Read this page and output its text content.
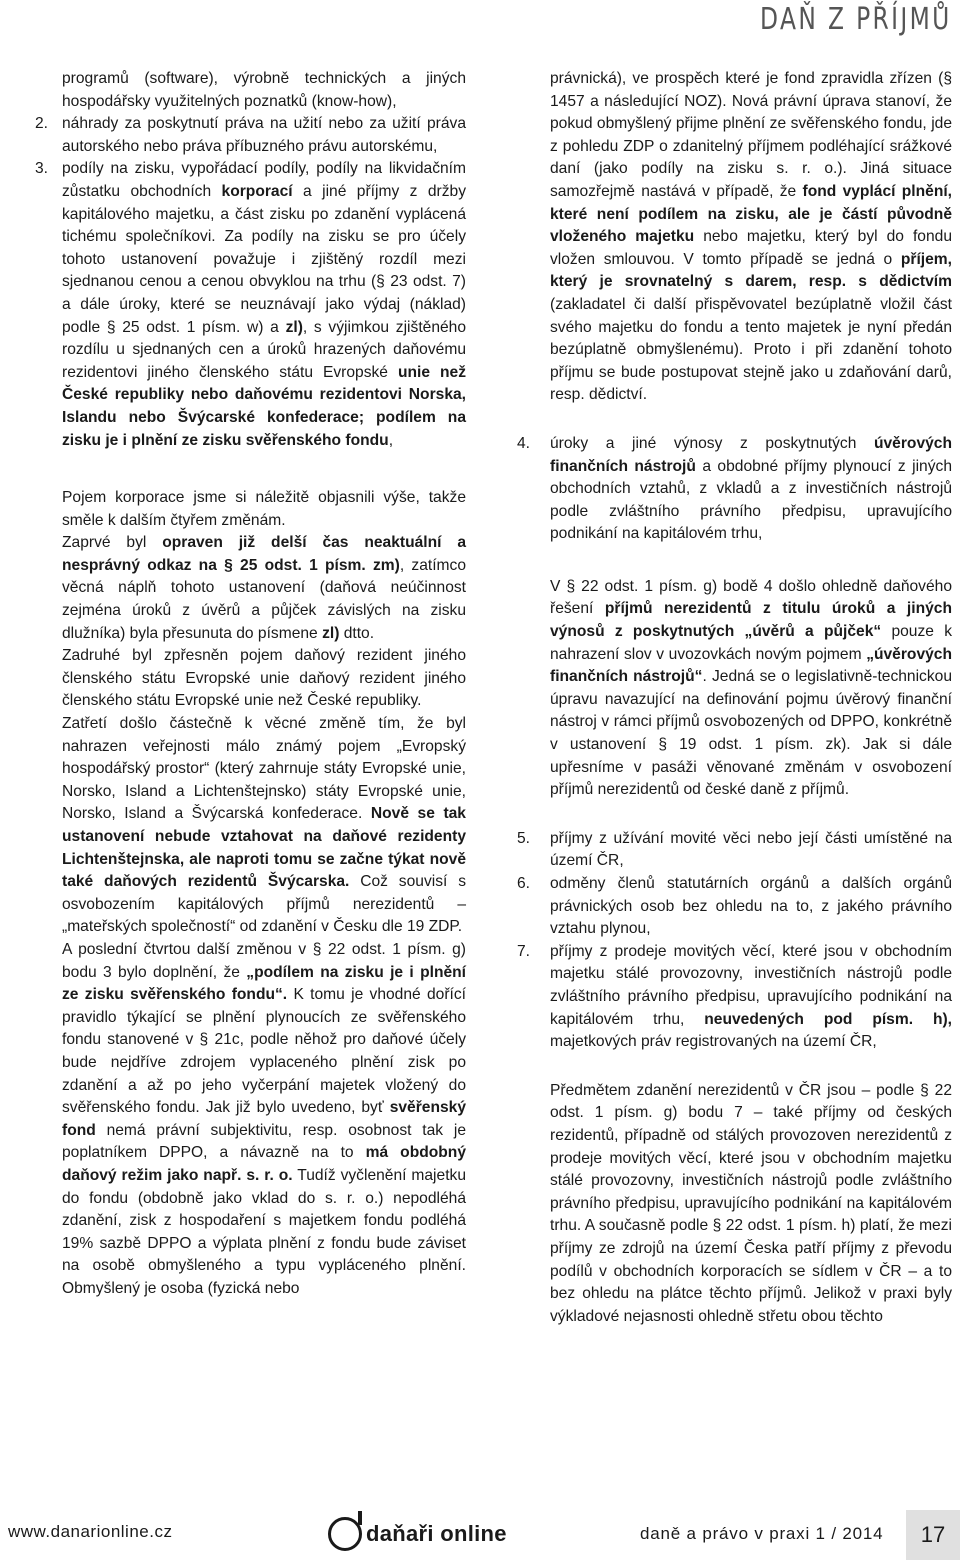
DAŇ Z PŘÍJMŮ

programů (software), výrobně technických a jiných hospodářsky využitelných poznatků (know-how),

2. náhrady za poskytnutí práva na užití nebo za užití práva autorského nebo práva příbuzného právu autorskému,

3. podíly na zisku, vypořádací podíly, podíly na likvidačním zůstatku obchodních korporací a jiné příjmy z držby kapitálového majetku, a část zisku po zdanění vyplácená tichému společníkovi. Za podíly na zisku se pro účely tohoto ustanovení považuje i zjištěný rozdíl mezi sjednanou cenou a cenou obvyklou na trhu (§ 23 odst. 7) a dále úroky, které se neuznávají jako výdaj (náklad) podle § 25 odst. 1 písm. w) a zl), s výjimkou zjištěného rozdílu u sjednaných cen a úroků hrazených daňovému rezidentovi jiného členského státu Evropské unie než České republiky nebo daňovému rezidentovi Norska, Islandu nebo Švýcarské konfederace; podílem na zisku je i plnění ze zisku svěřenského fondu,

Pojem korporace jsme si náležitě objasnili výše, takže směle k dalším čtyřem změnám.

Zaprvé byl opraven již delší čas neaktuální a nesprávný odkaz na § 25 odst. 1 písm. zm), zatímco věcná náplň tohoto ustanovení (daňová neúčinnost zejména úroků z úvěrů a půjček závislých na zisku dlužníka) byla přesunuta do písmene zl) dtto.

Zadruhé byl zpřesněn pojem daňový rezident jiného členského státu Evropské unie daňový rezident jiného členského státu Evropské unie než České republiky.

Zatřetí došlo částečně k věcné změně tím, že byl nahrazen veřejnosti málo známý pojem „Evropský hospodářský prostor“ (který zahrnuje státy Evropské unie, Norsko, Island a Lichtenštejnsko) státy Evropské unie, Norsko, Island a Švýcarská konfederace. Nově se tak ustanovení nebude vztahovat na daňové rezidenty Lichtenštejnska, ale naproti tomu se začne týkat nově také daňových rezidentů Švýcarska. Což souvisí s osvobozením kapitálových příjmů nerezidentů – „mateřských společností“ od zdanění v Česku dle 19 ZDP.

A poslední čtvrtou další změnou v § 22 odst. 1 písm. g) bodu 3 bylo doplnění, že „podílem na zisku je i plnění ze zisku svěřenského fondu“. K tomu je vhodné dořící pravidlo týkající se plnění plynoucích ze svěřenského fondu stanovené v § 21c, podle něhož pro daňové účely bude nejdříve zdrojem vyplaceného plnění zisk po zdanění a až po jeho vyčerpání majetek vložený do svěřenského fondu. Jak již bylo uvedeno, byť svěřenský fond nemá právní subjektivitu, resp. osobnost tak je poplatníkem DPPO, a návazně na to má obdobný daňový režim jako např. s. r. o. Tudíž vyčlenění majetku do fondu (obdobně jako vklad do s. r. o.) nepodléhá zdanění, zisk z hospodaření s majetkem fondu podléhá 19% sazbě DPPO a výplata plnění z fondu bude záviset na osobě obmyšleného a typu vypláceného plnění. Obmyšlený je osoba (fyzická nebo

právnická), ve prospěch které je fond zpravidla zřízen (§ 1457 a následující NOZ). Nová právní úprava stanoví, že pokud obmyšlený přijme plnění ze svěřenského fondu, jde z pohledu ZDP o zdanitelný příjmem podléhající srážkové daní (jako podíly na zisku s. r. o.). Jiná situace samozřejmě nastává v případě, že fond vyplácí plnění, které není podílem na zisku, ale je částí původně vloženého majetku nebo majetku, který byl do fondu vložen smlouvou. V tomto případě se jedná o příjem, který je srovnatelný s darem, resp. s dědictvím (zakladatel či další přispěvovatel bezúplatně vložil část svého majetku do fondu a tento majetek je nyní předán bezúplatně obmyšlenému). Proto i při zdanění tohoto příjmu se bude postupovat stejně jako u zdaňování darů, resp. dědictví.

4. úroky a jiné výnosy z poskytnutých úvěrových finančních nástrojů a obdobné příjmy plynoucí z jiných obchodních vztahů, z vkladů a z investičních nástrojů podle zvláštního právního předpisu, upravujícího podnikání na kapitálovém trhu,

V § 22 odst. 1 písm. g) bodě 4 došlo ohledně daňového řešení příjmů nerezidentů z titulu úroků a jiných výnosů z poskytnutých „úvěrů a půjček“ pouze k nahrazení slov v uvozovkách novým pojmem „úvěrových finančních nástrojů“. Jedná se o legislativně-technickou úpravu navazující na definování pojmu úvěrový finanční nástroj v rámci příjmů osvobozených od DPPO, konkrétně v ustanovení § 19 odst. 1 písm. zk). Jak si dále upřesníme v pasáži věnované změnám v osvobození příjmů nerezidentů od české daně z příjmů.

5. příjmy z užívání movité věci nebo její části umístěné na území ČR,

6. odměny členů statutárních orgánů a dalších orgánů právnických osob bez ohledu na to, z jakého právního vztahu plynou,

7. příjmy z prodeje movitých věcí, které jsou v obchodním majetku stálé provozovny, investičních nástrojů podle zvláštního právního předpisu, upravujícího podnikání na kapitálovém trhu, neuvedených pod písm. h), majetkových práv registrovaných na území ČR,

Předmětem zdanění nerezidentů v ČR jsou – podle § 22 odst. 1 písm. g) bodu 7 – také příjmy od českých rezidentů, případně od stálých provozoven nerezidentů z prodeje movitých věcí, které jsou v obchodním majetku stálé provozovny, investičních nástrojů podle zvláštního právního předpisu, upravujícího podnikání na kapitálovém trhu. A současně podle § 22 odst. 1 písm. h) platí, že mezi příjmy ze zdrojů na území Česka patří příjmy z převodu podílů v obchodních korporacích se sídlem v ČR – a to bez ohledu na plátce těchto příjmů. Jelikož v praxi byly výkladové nejasnosti ohledně střetu obou těchto

www.danarionline.cz	daňaři online	daně a právo v praxi 1 / 2014	17
